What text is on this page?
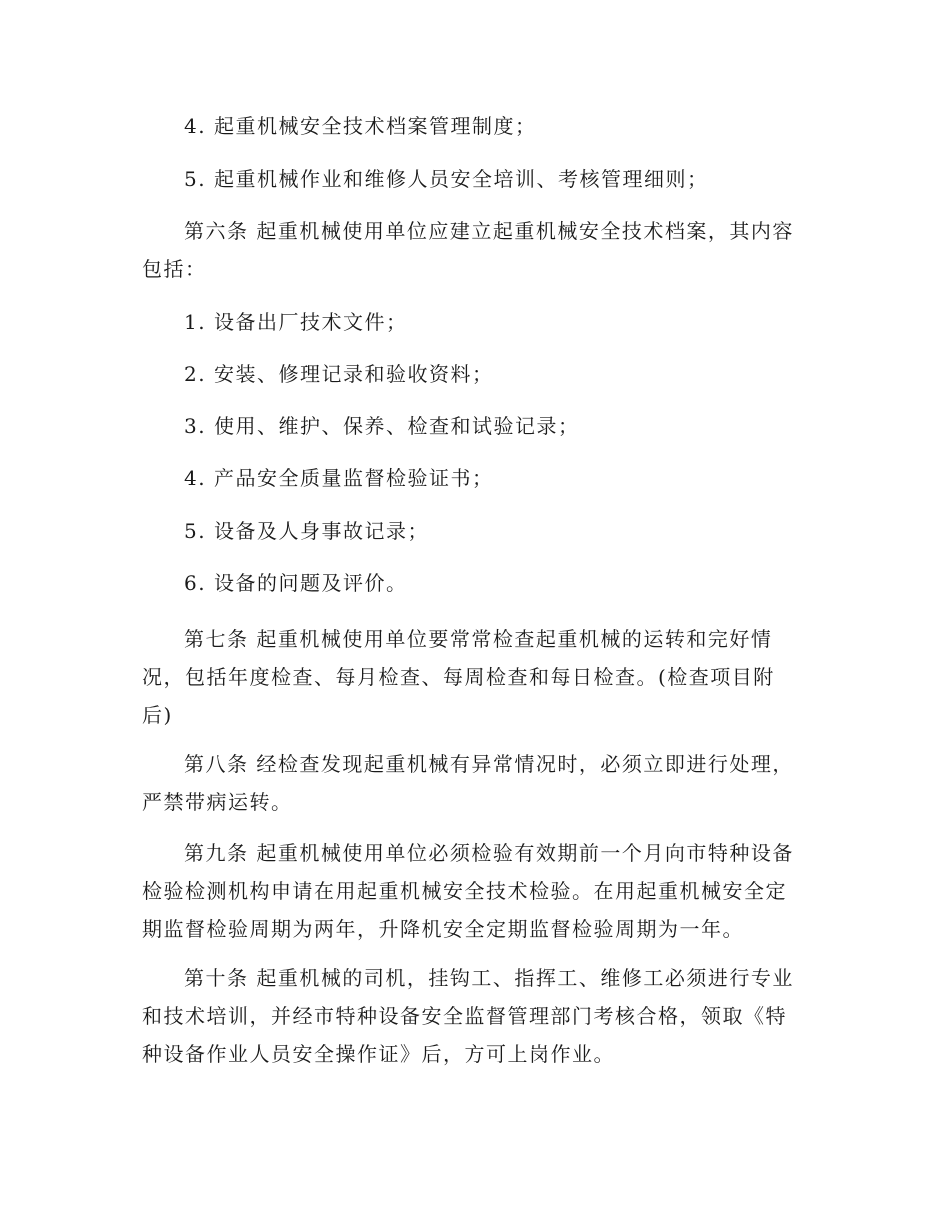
4. 起重机械安全技术档案管理制度；

5. 起重机械作业和维修人员安全培训、考核管理细则；

第六条 起重机械使用单位应建立起重机械安全技术档案，其内容
包括：

1. 设备出厂技术文件；

2. 安装、修理记录和验收资料；

3. 使用、维护、保养、检查和试验记录；

4. 产品安全质量监督检验证书；

5. 设备及人身事故记录；

6. 设备的问题及评价。

第七条 起重机械使用单位要常常检查起重机械的运转和完好情
况，包括年度检查、每月检查、每周检查和每日检查。(检查项目附
后)

第八条 经检查发现起重机械有异常情况时，必须立即进行处理，
严禁带病运转。

第九条 起重机械使用单位必须检验有效期前一个月向市特种设备
检验检测机构申请在用起重机械安全技术检验。在用起重机械安全定
期监督检验周期为两年，升降机安全定期监督检验周期为一年。

第十条 起重机械的司机，挂钩工、指挥工、维修工必须进行专业
和技术培训，并经市特种设备安全监督管理部门考核合格，领取《特
种设备作业人员安全操作证》后，方可上岗作业。
